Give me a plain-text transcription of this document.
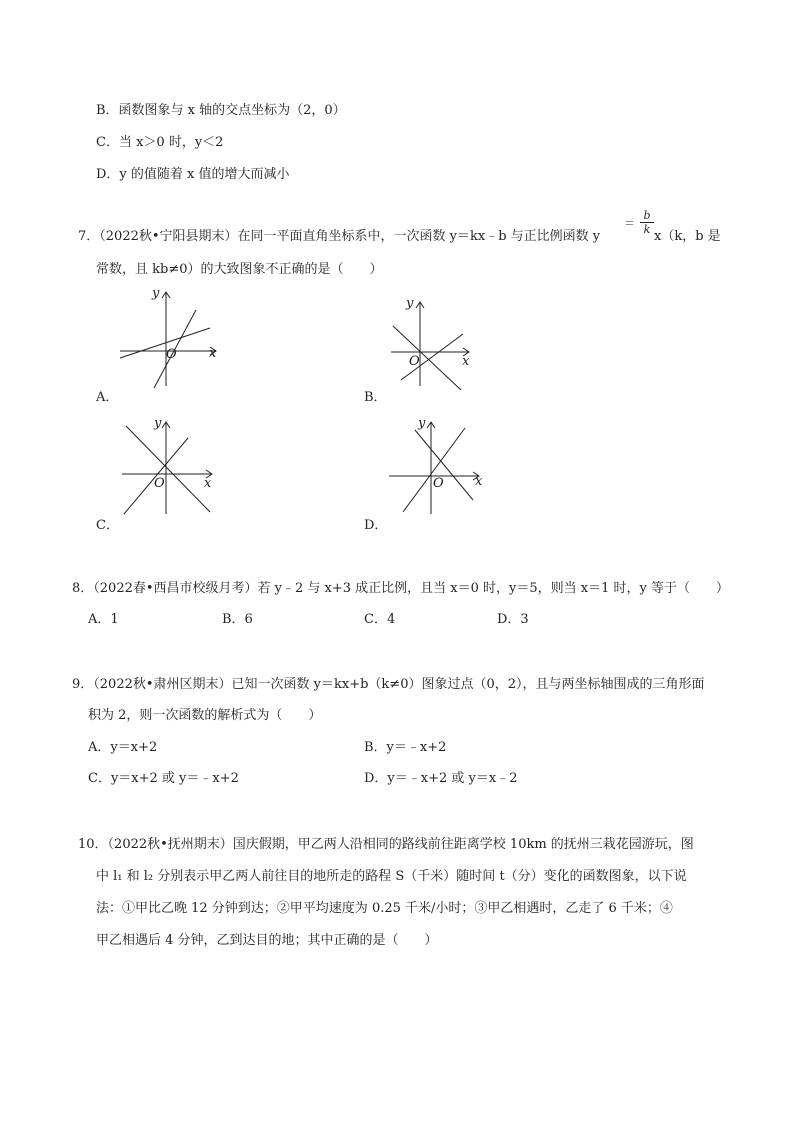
B．函数图象与 x 轴的交点坐标为（2，0）
C．当 x＞0 时，y＜2
D．y 的值随着 x 值的增大而减小
7．（2022秋•宁阳县期末）在同一平面直角坐标系中，一次函数 y＝kx﹣b 与正比例函数 y
＝
b
k x（k，b 是
常数，且 kb≠0）的大致图象不正确的是（　　）
y
x
O
A．
y
x
O
B．
y
x
O
C．
y
x
O
D．
8．（2022春•西昌市校级月考）若 y﹣2 与 x+3 成正比例，且当 x＝0 时，y＝5，则当 x＝1 时，y 等于（　　）
A．1	B．6	C．4	D．3
9．（2022秋•肃州区期末）已知一次函数 y＝kx+b（k≠0）图象过点（0，2），且与两坐标轴围成的三角形面
积为 2，则一次函数的解析式为（　　）
A．y＝x+2	B．y＝﹣x+2
C．y＝x+2 或 y＝﹣x+2	D．y＝﹣x+2 或 y＝x﹣2
10．（2022秋•抚州期末）国庆假期，甲乙两人沿相同的路线前往距离学校 10km 的抚州三栽花园游玩，图
中 l₁ 和 l₂ 分别表示甲乙两人前往目的地所走的路程 S（千米）随时间 t（分）变化的函数图象，以下说
法：①甲比乙晚 12 分钟到达；②甲平均速度为 0.25 千米/小时；③甲乙相遇时，乙走了 6 千米；④
甲乙相遇后 4 分钟，乙到达目的地；其中正确的是（　　）
